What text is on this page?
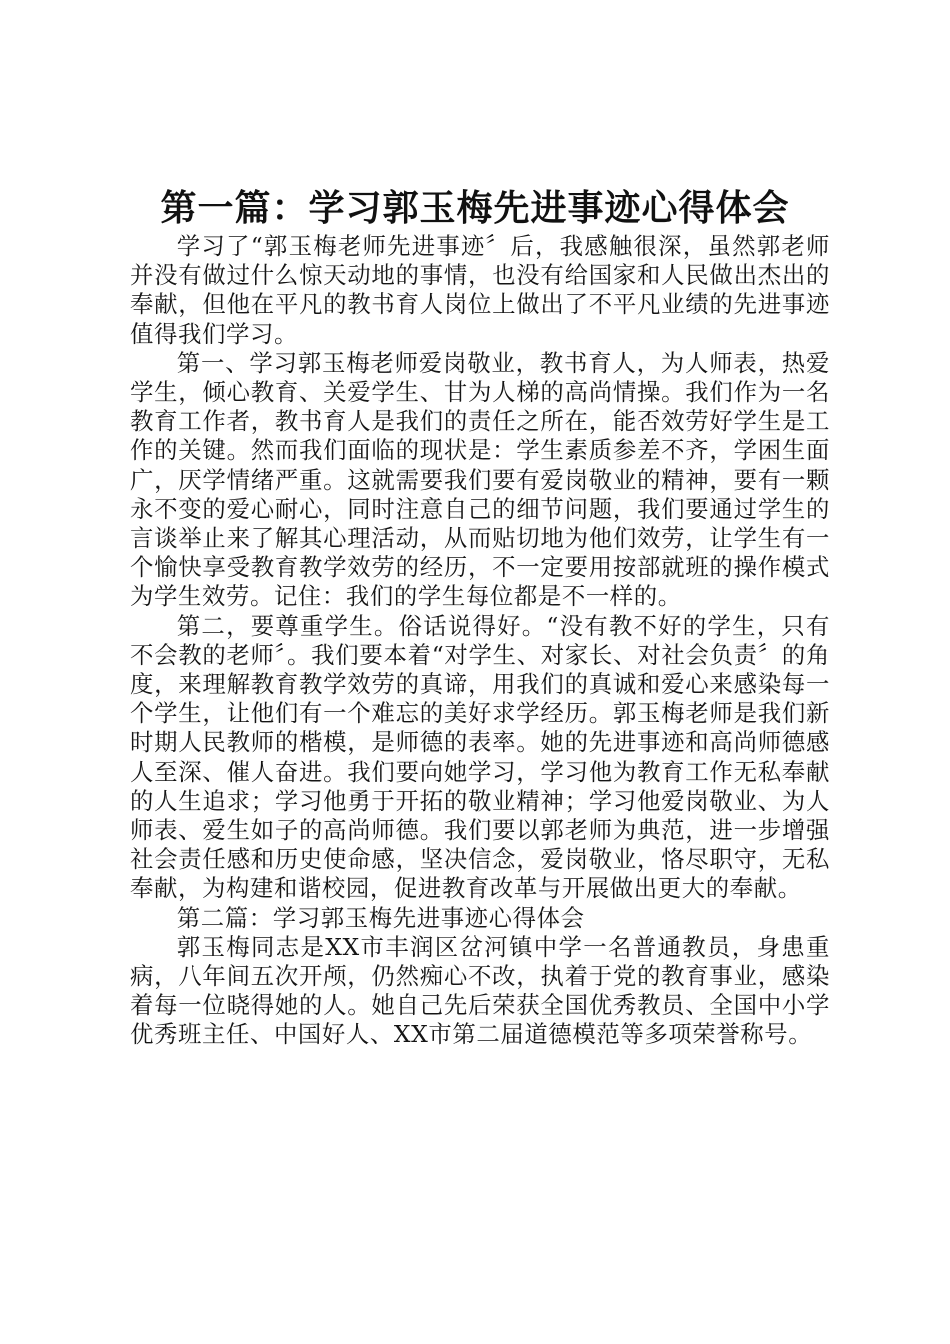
第一篇：学习郭玉梅先进事迹心得体会

学习了“郭玉梅老师先进事迹〞后，我感触很深，虽然郭老师并没有做过什么惊天动地的事情，也没有给国家和人民做出杰出的奉献，但他在平凡的教书育人岗位上做出了不平凡业绩的先进事迹值得我们学习。

第一、学习郭玉梅老师爱岗敬业，教书育人，为人师表，热爱学生，倾心教育、关爱学生、甘为人梯的高尚情操。我们作为一名教育工作者，教书育人是我们的责任之所在，能否效劳好学生是工作的关键。然而我们面临的现状是：学生素质参差不齐，学困生面广，厌学情绪严重。这就需要我们要有爱岗敬业的精神，要有一颗永不变的爱心耐心，同时注意自己的细节问题，我们要通过学生的言谈举止来了解其心理活动，从而贴切地为他们效劳，让学生有一个愉快享受教育教学效劳的经历，不一定要用按部就班的操作模式为学生效劳。记住：我们的学生每位都是不一样的。

第二，要尊重学生。俗话说得好。“没有教不好的学生，只有不会教的老师〞。我们要本着“对学生、对家长、对社会负责〞的角度，来理解教育教学效劳的真谛，用我们的真诚和爱心来感染每一个学生，让他们有一个难忘的美好求学经历。郭玉梅老师是我们新时期人民教师的楷模，是师德的表率。她的先进事迹和高尚师德感人至深、催人奋进。我们要向她学习，学习他为教育工作无私奉献的人生追求；学习他勇于开拓的敬业精神；学习他爱岗敬业、为人师表、爱生如子的高尚师德。我们要以郭老师为典范，进一步增强社会责任感和历史使命感，坚决信念，爱岗敬业，恪尽职守，无私奉献，为构建和谐校园，促进教育改革与开展做出更大的奉献。

第二篇：学习郭玉梅先进事迹心得体会

郭玉梅同志是XX市丰润区岔河镇中学一名普通教员，身患重病，八年间五次开颅，仍然痴心不改，执着于党的教育事业，感染着每一位晓得她的人。她自己先后荣获全国优秀教员、全国中小学优秀班主任、中国好人、XX市第二届道德模范等多项荣誉称号。
